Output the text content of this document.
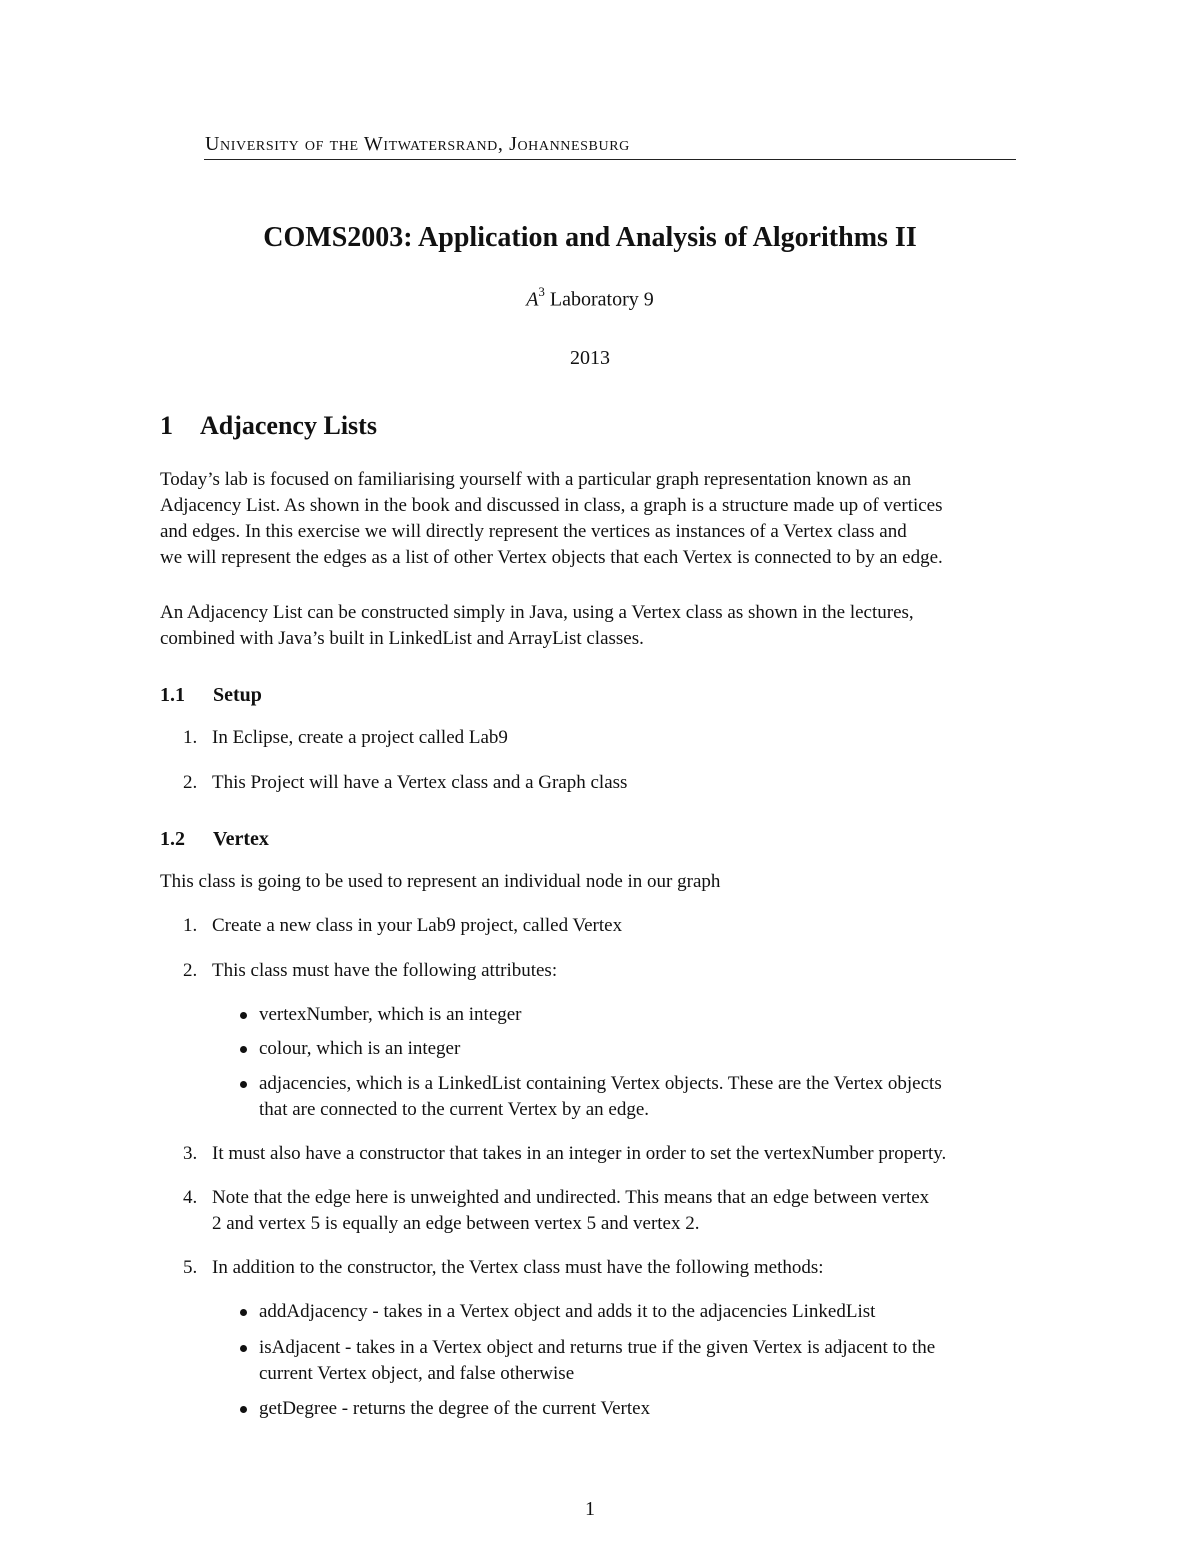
University of the Witwatersrand, Johannesburg
COMS2003: Application and Analysis of Algorithms II
$A^3$ Laboratory 9
2013
1 Adjacency Lists
Today’s lab is focused on familiarising yourself with a particular graph representation known as an
Adjacency List. As shown in the book and discussed in class, a graph is a structure made up of vertices
and edges. In this exercise we will directly represent the vertices as instances of a Vertex class and
we will represent the edges as a list of other Vertex objects that each Vertex is connected to by an edge.
An Adjacency List can be constructed simply in Java, using a Vertex class as shown in the lectures,
combined with Java’s built in LinkedList and ArrayList classes.
1.1 Setup
1. In Eclipse, create a project called Lab9
2. This Project will have a Vertex class and a Graph class
1.2 Vertex
This class is going to be used to represent an individual node in our graph
1. Create a new class in your Lab9 project, called Vertex
2. This class must have the following attributes:
vertexNumber, which is an integer
colour, which is an integer
adjacencies, which is a LinkedList containing Vertex objects. These are the Vertex objects
that are connected to the current Vertex by an edge.
3. It must also have a constructor that takes in an integer in order to set the vertexNumber property.
4. Note that the edge here is unweighted and undirected. This means that an edge between vertex
2 and vertex 5 is equally an edge between vertex 5 and vertex 2.
5. In addition to the constructor, the Vertex class must have the following methods:
addAdjacency - takes in a Vertex object and adds it to the adjacencies LinkedList
isAdjacent - takes in a Vertex object and returns true if the given Vertex is adjacent to the
current Vertex object, and false otherwise
getDegree - returns the degree of the current Vertex
1
